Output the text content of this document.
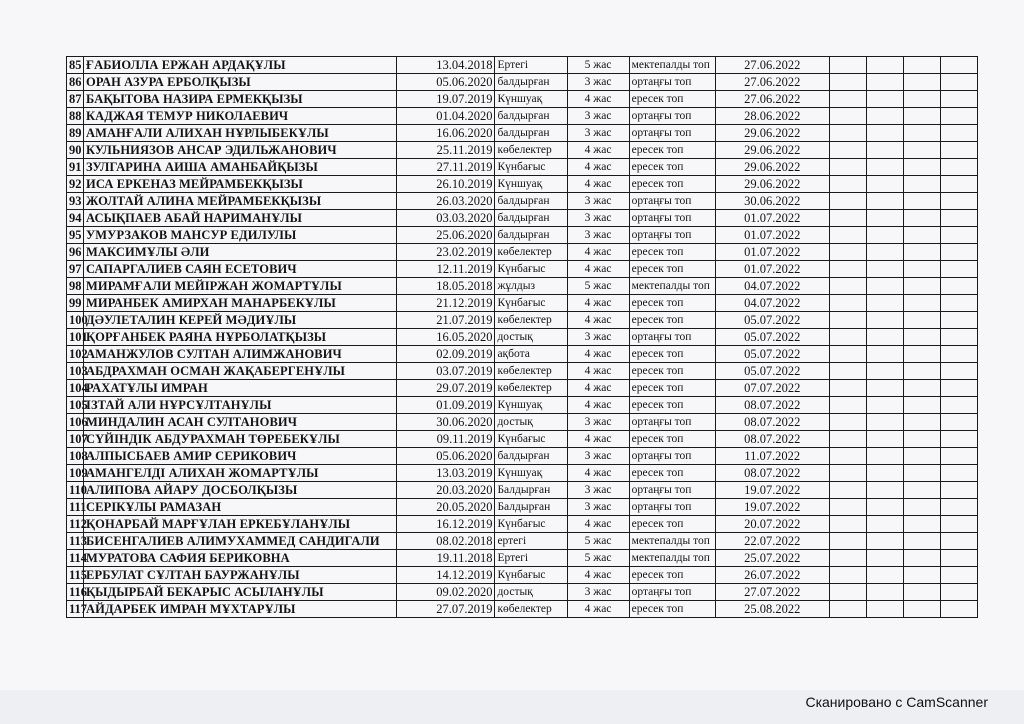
85	ҒАБИОЛЛА ЕРЖАН АРДАҚҰЛЫ	13.04.2018	Ертегі	5 жас	мектепалды топ	27.06.2022				
86	ОРАН АЗУРА ЕРБОЛҚЫЗЫ	05.06.2020	балдырған	3 жас	ортаңғы топ	27.06.2022				
87	БАҚЫТОВА НАЗИРА ЕРМЕКҚЫЗЫ	19.07.2019	Күншуақ	4 жас	ересек топ	27.06.2022				
88	КАДЖАЯ ТЕМУР НИКОЛАЕВИЧ	01.04.2020	балдырған	3 жас	ортаңғы топ	28.06.2022				
89	АМАНҒАЛИ АЛИХАН НҰРЛЫБЕКҰЛЫ	16.06.2020	балдырған	3 жас	ортаңғы топ	29.06.2022				
90	КУЛЬНИЯЗОВ АНСАР ЭДИЛЬЖАНОВИЧ	25.11.2019	көбелектер	4 жас	ересек топ	29.06.2022				
91	ЗУЛГАРИНА АИША АМАНБАЙҚЫЗЫ	27.11.2019	Күнбағыс	4 жас	ересек топ	29.06.2022				
92	ИСА ЕРКЕНАЗ МЕЙРАМБЕКҚЫЗЫ	26.10.2019	Күншуақ	4 жас	ересек топ	29.06.2022				
93	ЖОЛТАЙ АЛИНА МЕЙРАМБЕКҚЫЗЫ	26.03.2020	балдырған	3 жас	ортаңғы топ	30.06.2022				
94	АСЫҚПАЕВ АБАЙ НАРИМАНҰЛЫ	03.03.2020	балдырған	3 жас	ортаңғы топ	01.07.2022				
95	УМУРЗАКОВ МАНСУР ЕДИЛУЛЫ	25.06.2020	балдырған	3 жас	ортаңғы топ	01.07.2022				
96	МАКСИМҰЛЫ ӘЛИ	23.02.2019	көбелектер	4 жас	ересек топ	01.07.2022				
97	САПАРГАЛИЕВ САЯН ЕСЕТОВИЧ	12.11.2019	Күнбағыс	4 жас	ересек топ	01.07.2022				
98	МИРАМҒАЛИ МЕЙІРЖАН ЖОМАРТҰЛЫ	18.05.2018	жұлдыз	5 жас	мектепалды топ	04.07.2022				
99	МИРАНБЕК АМИРХАН МАНАРБЕКҰЛЫ	21.12.2019	Күнбағыс	4 жас	ересек топ	04.07.2022				
100	ДӘУЛЕТАЛИН КЕРЕЙ МӘДИҰЛЫ	21.07.2019	көбелектер	4 жас	ересек топ	05.07.2022				
101	ҚОРҒАНБЕК РАЯНА НҰРБОЛАТҚЫЗЫ	16.05.2020	достық	3 жас	ортаңғы топ	05.07.2022				
102	АМАНЖУЛОВ СУЛТАН АЛИМЖАНОВИЧ	02.09.2019	ақбота	4 жас	ересек топ	05.07.2022				
103	АБДРАХМАН ОСМАН ЖАҚАБЕРГЕНҰЛЫ	03.07.2019	көбелектер	4 жас	ересек топ	05.07.2022				
104	РАХАТҰЛЫ ИМРАН	29.07.2019	көбелектер	4 жас	ересек топ	07.07.2022				
105	ІЗТАЙ АЛИ НҰРСҰЛТАНҰЛЫ	01.09.2019	Күншуақ	4 жас	ересек топ	08.07.2022				
106	МИНДАЛИН АСАН СУЛТАНОВИЧ	30.06.2020	достық	3 жас	ортаңғы топ	08.07.2022				
107	СҮЙІНДІК АБДУРАХМАН ТӨРЕБЕКҰЛЫ	09.11.2019	Күнбағыс	4 жас	ересек топ	08.07.2022				
108	АЛПЫСБАЕВ АМИР СЕРИКОВИЧ	05.06.2020	балдырған	3 жас	ортаңғы топ	11.07.2022				
109	АМАНГЕЛДІ АЛИХАН ЖОМАРТҰЛЫ	13.03.2019	Күншуақ	4 жас	ересек топ	08.07.2022				
110	АЛИПОВА АЙАРУ ДОСБОЛҚЫЗЫ	20.03.2020	Балдырған	3 жас	ортаңғы топ	19.07.2022				
111	СЕРІКҰЛЫ РАМАЗАН	20.05.2020	Балдырған	3 жас	ортаңғы топ	19.07.2022				
112	ҚОНАРБАЙ МАРҒҰЛАН ЕРКЕБҰЛАНҰЛЫ	16.12.2019	Күнбағыс	4 жас	ересек топ	20.07.2022				
113	БИСЕНГАЛИЕВ АЛИМУХАММЕД САНДИГАЛИ	08.02.2018	ертегі	5 жас	мектепалды топ	22.07.2022				
114	МУРАТОВА САФИЯ БЕРИКОВНА	19.11.2018	Ертегі	5 жас	мектепалды топ	25.07.2022				
115	ЕРБУЛАТ СҰЛТАН БАУРЖАНҰЛЫ	14.12.2019	Күнбағыс	4 жас	ересек топ	26.07.2022				
116	ҚЫДЫРБАЙ БЕКАРЫС АСЫЛАНҰЛЫ	09.02.2020	достық	3 жас	ортаңғы топ	27.07.2022				
117	АЙДАРБЕК ИМРАН МҰХТАРҰЛЫ	27.07.2019	көбелектер	4 жас	ересек топ	25.08.2022				
Сканировано с CamScanner
